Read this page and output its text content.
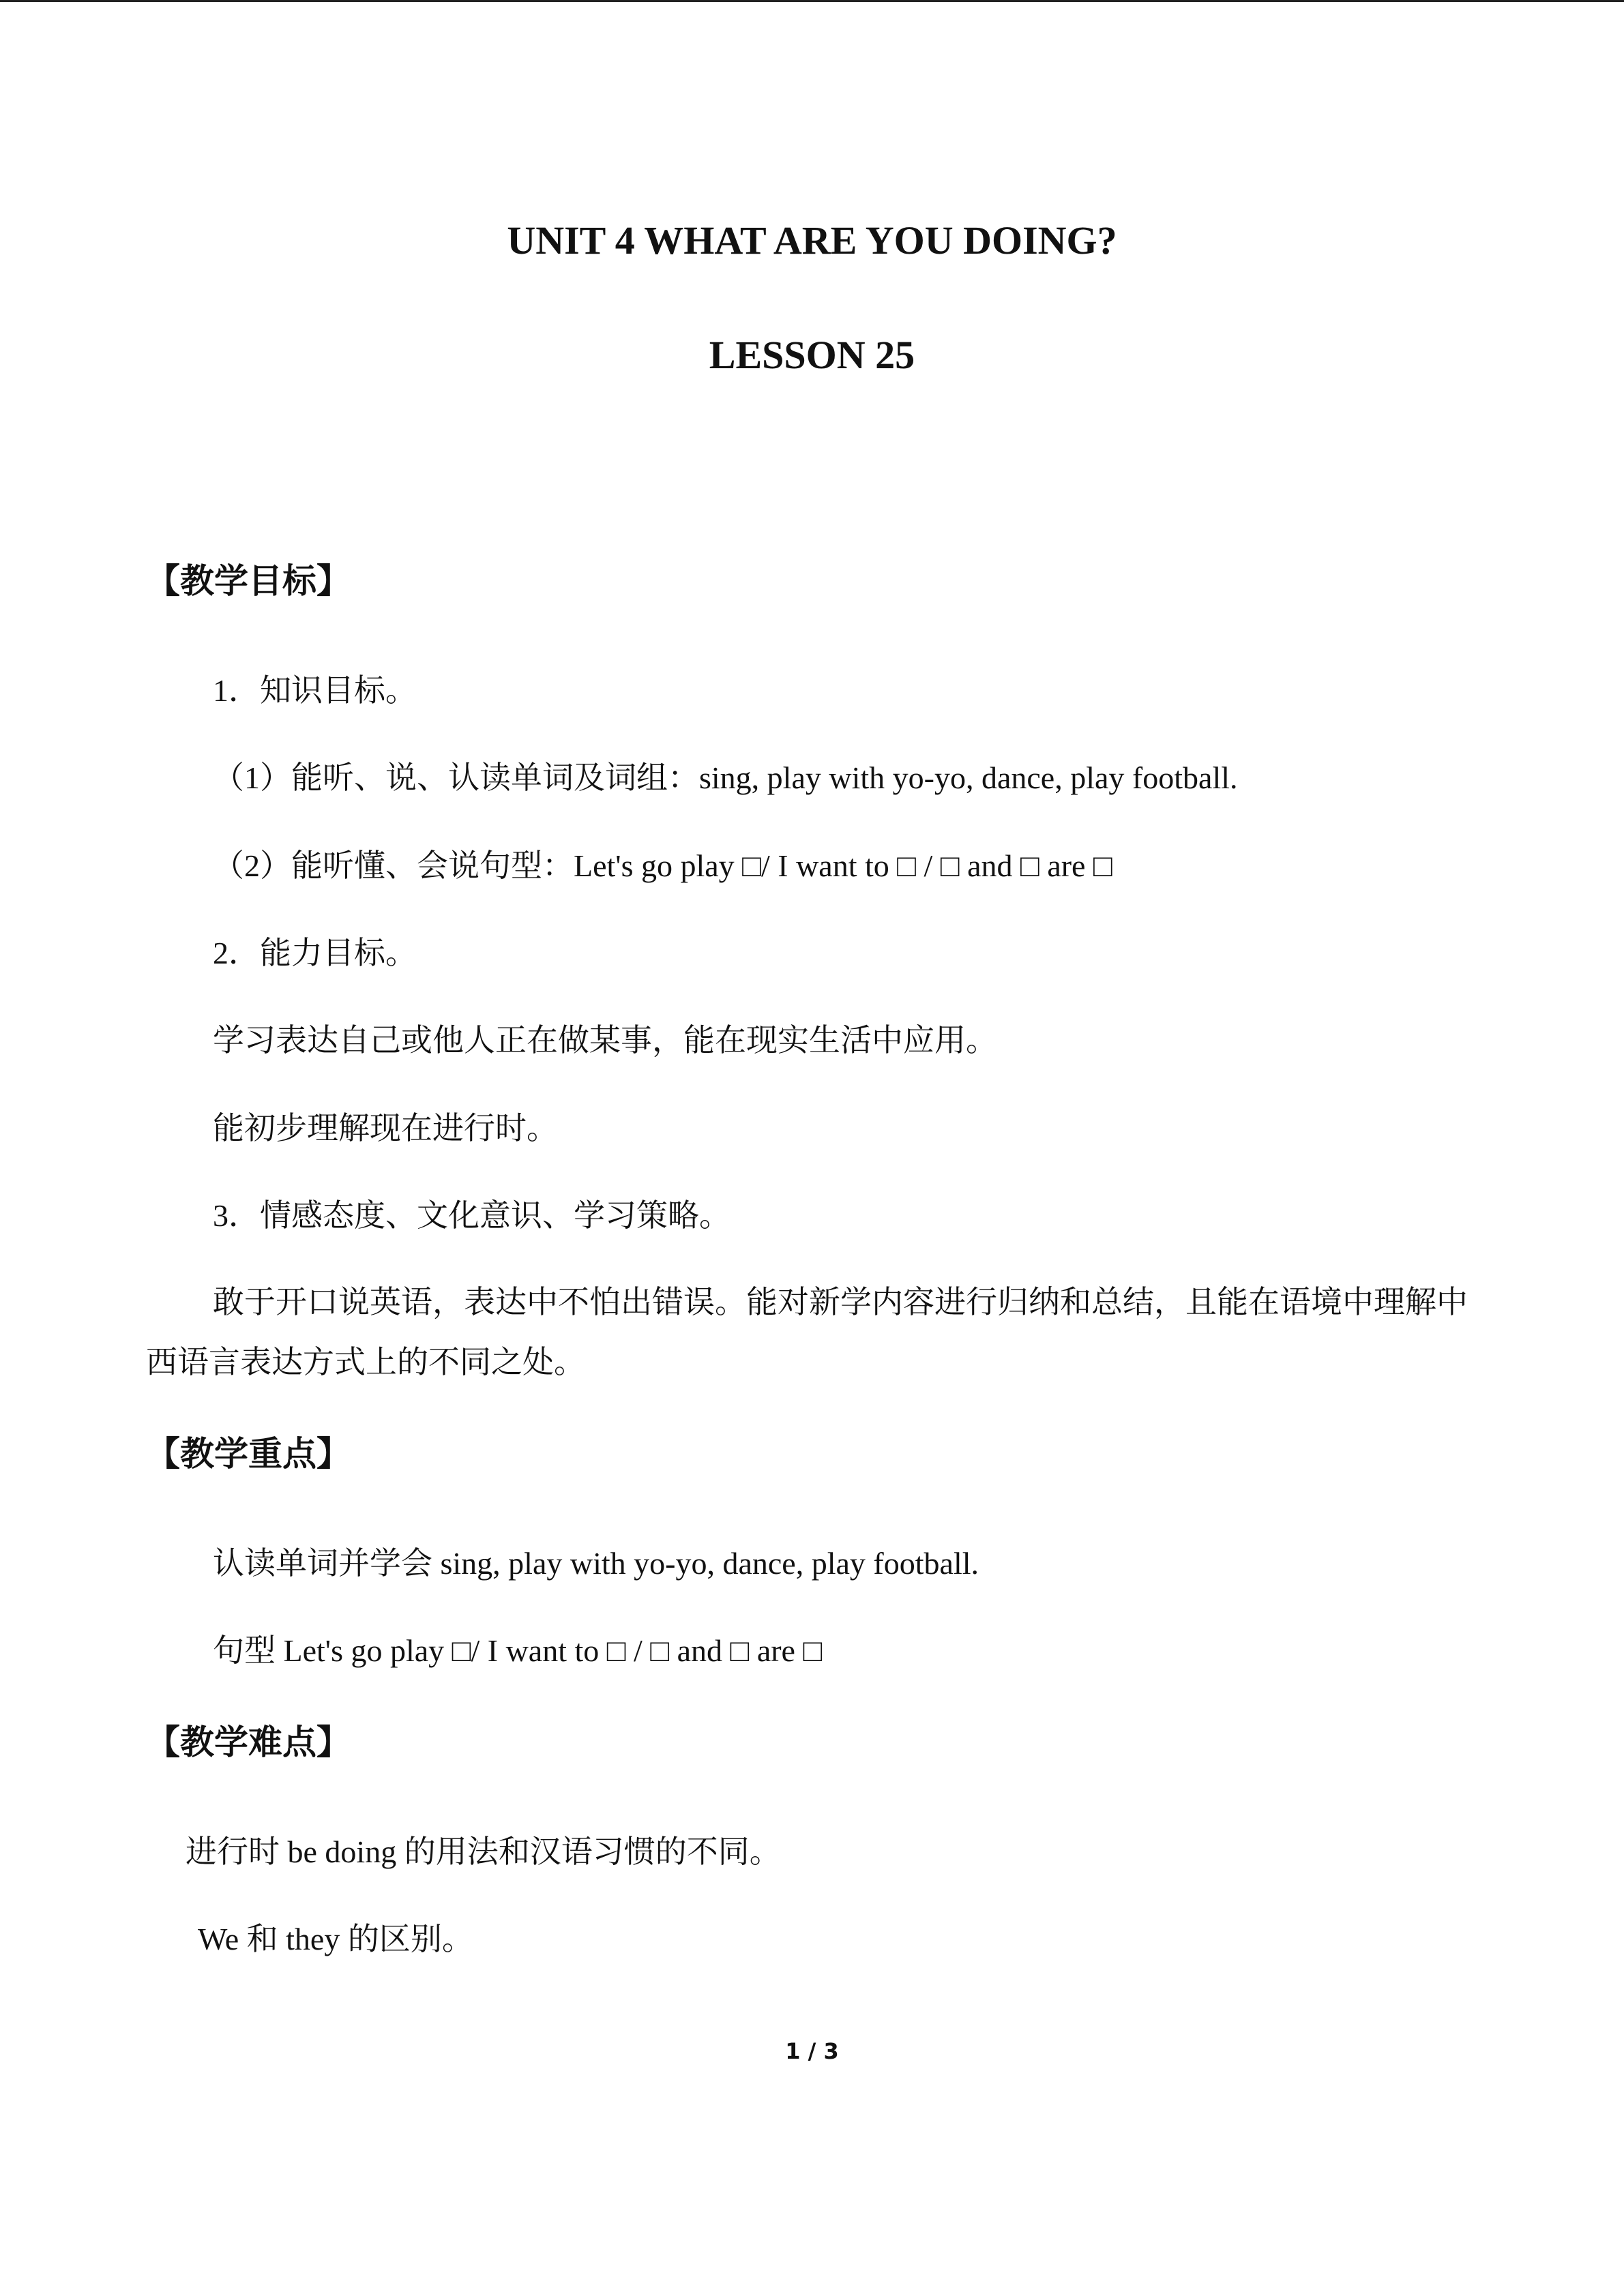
UNIT 4 WHAT ARE YOU DOING?
LESSON 25
【教学目标】

1．知识目标。

（1）能听、说、认读单词及词组：sing, play with yo-yo, dance, play football.

（2）能听懂、会说句型：Let's go play □/ I want to □ / □ and □ are □

2．能力目标。

学习表达自己或他人正在做某事，能在现实生活中应用。

能初步理解现在进行时。

3．情感态度、文化意识、学习策略。

敢于开口说英语，表达中不怕出错误。能对新学内容进行归纳和总结，且能在语境中理解中西语言表达方式上的不同之处。

【教学重点】

认读单词并学会 sing, play with yo-yo, dance, play football.

句型 Let's go play □/ I want to □ / □ and □ are □

【教学难点】

进行时 be doing 的用法和汉语习惯的不同。

We 和 they 的区别。

1 / 3
